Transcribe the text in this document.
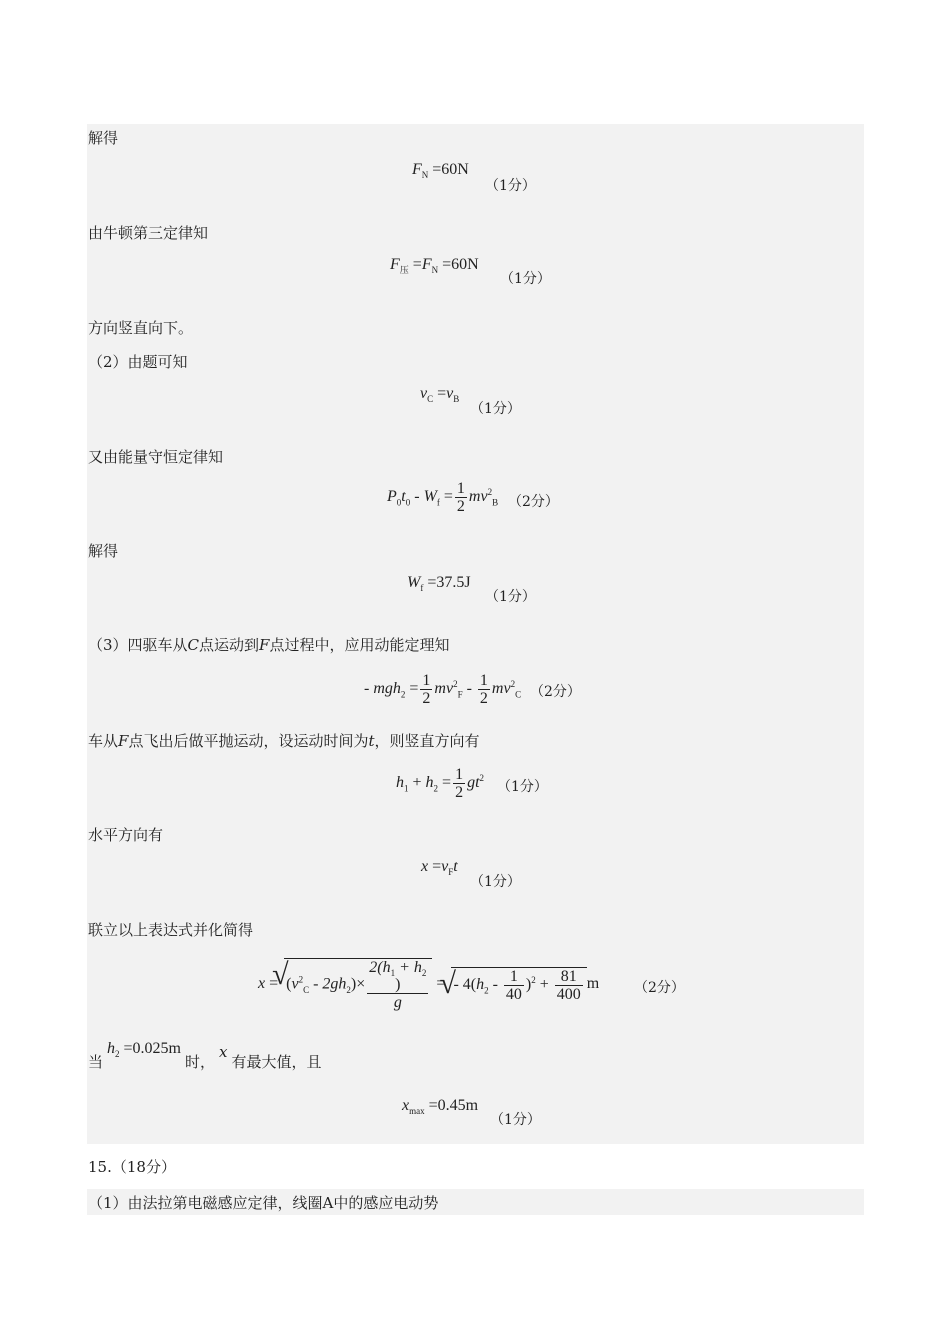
解得
$F_N =60N$
（1分）
由牛顿第三定律知
$F_压 =F_N =60N$
（1分）
方向竖直向下。
（2）由题可知
$v_C =v_B$
（1分）
又由能量守恒定律知
$P_0t_0 - W_f = \frac{1}{2} mv^2_B$ （2分）
解得
$W_f =37.5J$
（1分）
（3）四驱车从C点运动到F点过程中，应用动能定理知
- $mgh_2 = \frac{1}{2} mv^2_F - \frac{1}{2} mv^2_C$ （2分）
车从F点飞出后做平抛运动，设运动时间为t，则竖直方向有
$h_1 + h_2 = \frac{1}{2} gt^2$
（1分）
水平方向有
$x =v_Ft$
（1分）
联立以上表达式并化简得
x = √ $(v^2_C - 2gh_2)\times 2(h_1 + h_2$
)
g = √ - $4(h_2 - \frac{1}{40} )^2 + \frac{81}{400}$ m （2分）
当$h_2 =0.025m$时，x有最大值，且
$x_{max} =0.45m$
（1分）
15.（18分）
（1）由法拉第电磁感应定律，线圈A中的感应电动势
